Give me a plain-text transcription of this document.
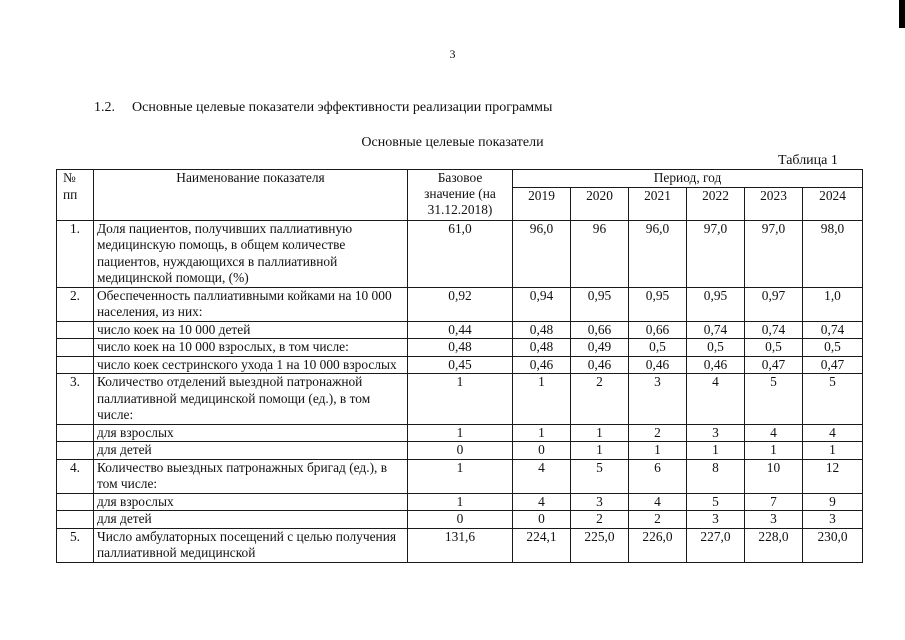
3
1.2. Основные целевые показатели эффективности реализации программы
Основные целевые показатели
Таблица 1
№ пп	Наименование показателя	Базовое значение (на 31.12.2018)	Период, год					
			2019	2020	2021	2022	2023	2024
1.	Доля пациентов, получивших паллиативную медицинскую помощь, в общем количестве пациентов, нуждающихся в паллиативной медицинской помощи, (%)	61,0	96,0	96	96,0	97,0	97,0	98,0
2.	Обеспеченность паллиативными койками на 10 000 населения, из них:	0,92	0,94	0,95	0,95	0,95	0,97	1,0
	число коек на 10 000 детей	0,44	0,48	0,66	0,66	0,74	0,74	0,74
	число коек на 10 000 взрослых, в том числе:	0,48	0,48	0,49	0,5	0,5	0,5	0,5
	число коек сестринского ухода 1 на 10 000 взрослых	0,45	0,46	0,46	0,46	0,46	0,47	0,47
3.	Количество отделений выездной патронажной паллиативной медицинской помощи (ед.), в том числе:	1	1	2	3	4	5	5
	для взрослых	1	1	1	2	3	4	4
	для детей	0	0	1	1	1	1	1
4.	Количество выездных патронажных бригад (ед.), в том числе:	1	4	5	6	8	10	12
	для взрослых	1	4	3	4	5	7	9
	для детей	0	0	2	2	3	3	3
5.	Число амбулаторных посещений с целью получения паллиативной медицинской	131,6	224,1	225,0	226,0	227,0	228,0	230,0
